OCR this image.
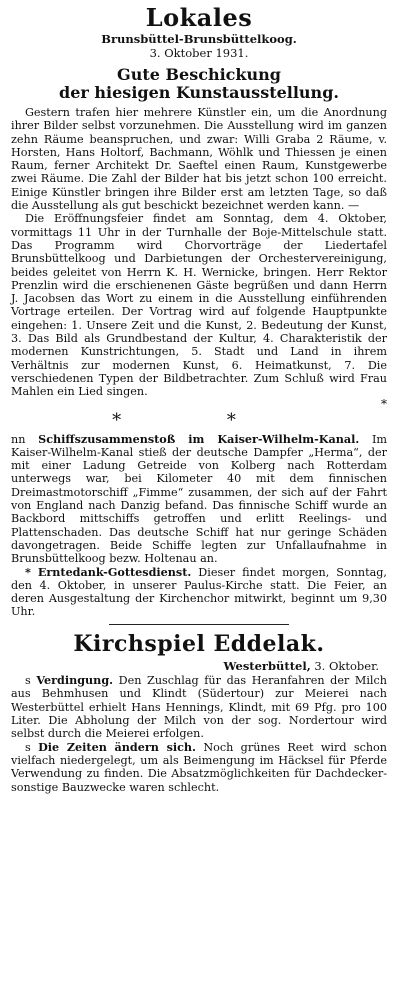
Lokales
Brunsbüttel-Brunsbüttelkoog.
3. Oktober 1931.
Gute Beschickung
der hiesigen Kunstausstellung.

Gestern trafen hier mehrere Künstler ein, um die Anordnung ihrer Bilder selbst vorzunehmen. Die Ausstellung wird im ganzen zehn Räume beanspruchen, und zwar: Willi Graba 2 Räume, v. Horsten, Hans Holtorf, Bachmann, Wöhlk und Thiessen je einen Raum, ferner Architekt Dr. Saeftel einen Raum, Kunstgewerbe zwei Räume. Die Zahl der Bilder hat bis jetzt schon 100 erreicht. Einige Künstler bringen ihre Bilder erst am letzten Tage, so daß die Ausstellung als gut beschickt bezeichnet werden kann. —

Die Eröffnungsfeier findet am Sonntag, dem 4. Oktober, vormittags 11 Uhr in der Turnhalle der Boje-Mittelschule statt. Das Programm wird Chorvorträge der Liedertafel Brunsbüttelkoog und Darbietungen der Orchestervereinigung, beides geleitet von Herrn K. H. Wernicke, bringen. Herr Rektor Prenzlin wird die erschienenen Gäste begrüßen und dann Herrn J. Jacobsen das Wort zu einem in die Ausstellung einführenden Vortrage erteilen. Der Vortrag wird auf folgende Hauptpunkte eingehen: 1. Unsere Zeit und die Kunst, 2. Bedeutung der Kunst, 3. Das Bild als Grundbestand der Kultur, 4. Charakteristik der modernen Kunstrichtungen, 5. Stadt und Land in ihrem Verhältnis zur modernen Kunst, 6. Heimatkunst, 7. Die verschiedenen Typen der Bildbetrachter. Zum Schluß wird Frau Mahlen ein Lied singen.

*
* *

nn Schiffszusammenstoß im Kaiser-Wilhelm-Kanal. Im Kaiser-Wilhelm-Kanal stieß der deutsche Dampfer „Herma“, der mit einer Ladung Getreide von Kolberg nach Rotterdam unterwegs war, bei Kilometer 40 mit dem finnischen Dreimastmotorschiff „Fimme“ zusammen, der sich auf der Fahrt von England nach Danzig befand. Das finnische Schiff wurde an Backbord mittschiffs getroffen und erlitt Reelings- und Plattenschaden. Das deutsche Schiff hat nur geringe Schäden davongetragen. Beide Schiffe legten zur Unfallaufnahme in Brunsbüttelkoog bezw. Holtenau an.

* Erntedank-Gottesdienst. Dieser findet morgen, Sonntag, den 4. Oktober, in unserer Paulus-Kirche statt. Die Feier, an deren Ausgestaltung der Kirchenchor mitwirkt, beginnt um 9,30 Uhr.

Kirchspiel Eddelak.
Westerbüttel, 3. Oktober.

s Verdingung. Den Zuschlag für das Heranfahren der Milch aus Behmhusen und Klindt (Südertour) zur Meierei nach Westerbüttel erhielt Hans Hennings, Klindt, mit 69 Pfg. pro 100 Liter. Die Abholung der Milch von der sog. Nordertour wird selbst durch die Meierei erfolgen.

s Die Zeiten ändern sich. Noch grünes Reet wird schon vielfach niedergelegt, um als Beimengung im Häcksel für Pferde Verwendung zu finden. Die Absatzmöglichkeiten für Dachdecker- sonstige Bauzwecke waren schlecht.
